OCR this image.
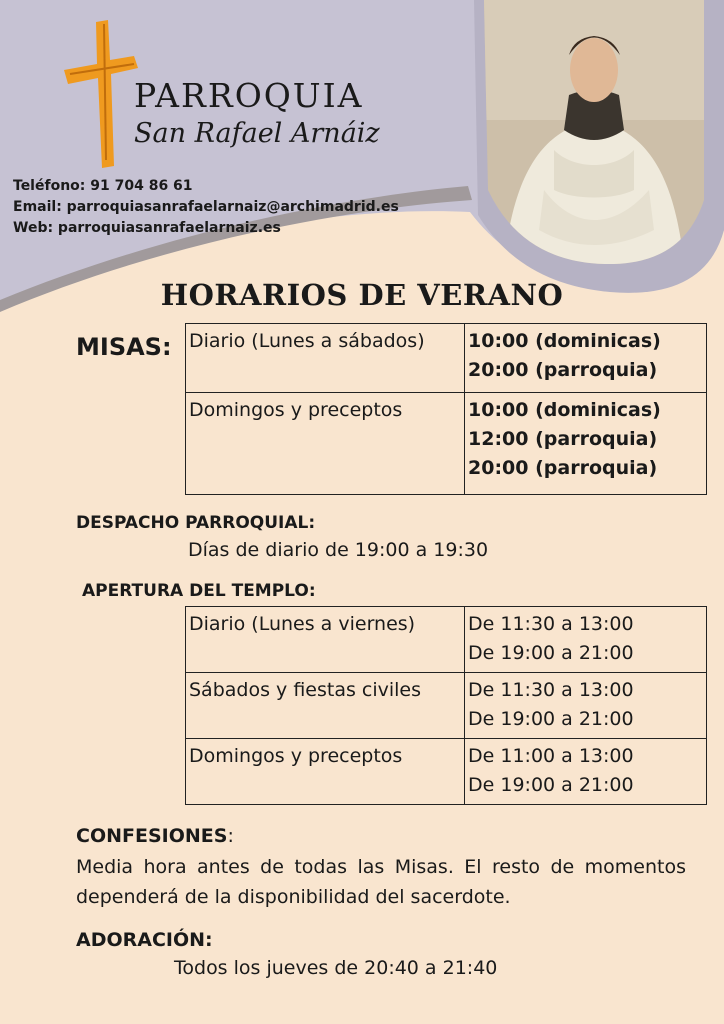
PARROQUIA
San Rafael Arnáiz
Teléfono: 91 704 86 61
Email: parroquiasanrafaelarnaiz@archimadrid.es
Web: parroquiasanrafaelarnaiz.es
HORARIOS DE VERANO
MISAS: Diario (Lunes a sábados)	10:00 (dominicas)
20:00 (parroquia)

Domingos y preceptos	10:00 (dominicas)
12:00 (parroquia)
20:00 (parroquia)
DESPACHO PARROQUIAL:
Días de diario de 19:00 a 19:30
APERTURA DEL TEMPLO:
Diario (Lunes a viernes)	De 11:30 a 13:00
De 19:00 a 21:00

Sábados y fiestas civiles	De 11:30 a 13:00
De 19:00 a 21:00

Domingos y preceptos	De 11:00 a 13:00
De 19:00 a 21:00
CONFESIONES:
Media hora antes de todas las Misas. El resto de momentos dependerá de la disponibilidad del sacerdote.
ADORACIÓN:
Todos los jueves de 20:40 a 21:40
